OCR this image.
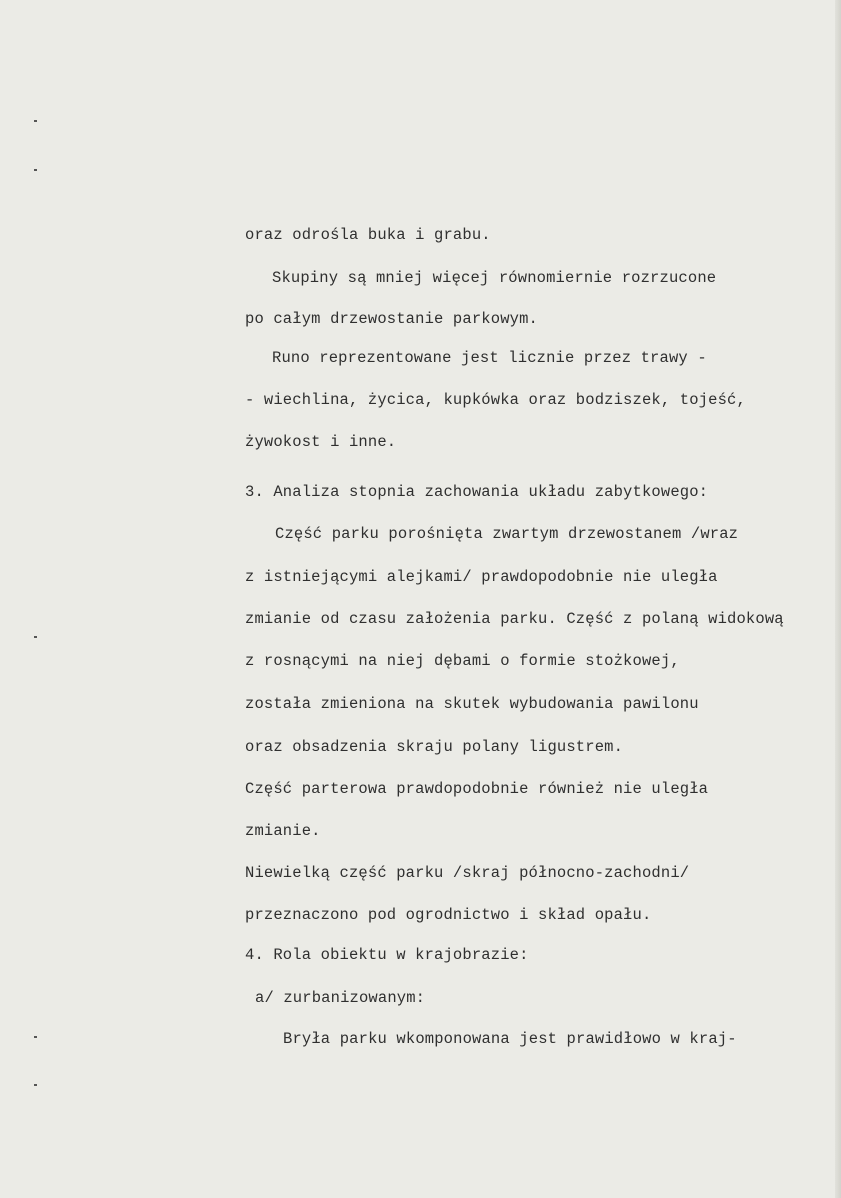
oraz odrośla buka i grabu.
Skupiny są mniej więcej równomiernie rozrzucone
po całym drzewostanie parkowym.
Runo reprezentowane jest licznie przez trawy -
- wiechlina, życica, kupkówka oraz bodziszek, tojeść,
żywokost i inne.
3. Analiza stopnia zachowania układu zabytkowego:
Część parku porośnięta zwartym drzewostanem /wraz
z istniejącymi alejkami/ prawdopodobnie nie uległa
zmianie od czasu założenia parku. Część z polaną widokową
z rosnącymi na niej dębami o formie stożkowej,
została zmieniona na skutek wybudowania pawilonu
oraz obsadzenia skraju polany ligustrem.
Część parterowa prawdopodobnie również nie uległa
zmianie.
Niewielką część parku /skraj północno-zachodni/
przeznaczono pod ogrodnictwo i skład opału.
4. Rola obiektu w krajobrazie:
a/ zurbanizowanym:
Bryła parku wkomponowana jest prawidłowo w kraj-
